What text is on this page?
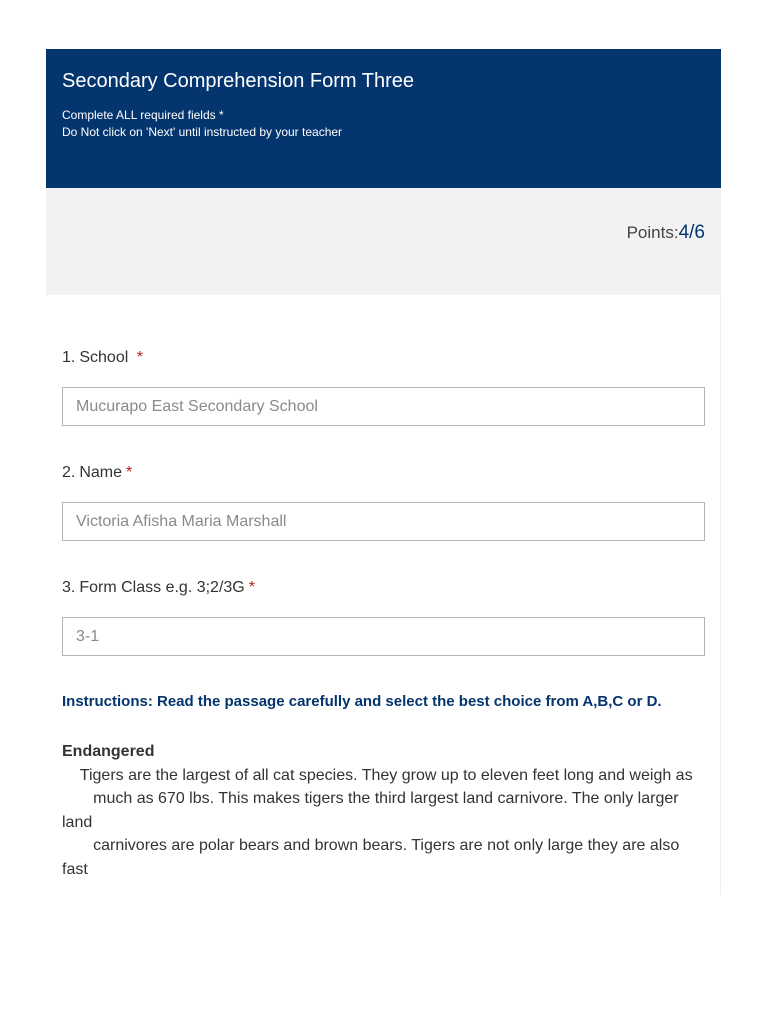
Secondary Comprehension Form Three
Complete ALL required fields *
Do Not click on 'Next' until instructed by your teacher
Points:4/6
1. School *
Mucurapo East Secondary School
2. Name *
Victoria Afisha Maria Marshall
3. Form Class e.g. 3;2/3G *
3-1
Instructions: Read the passage carefully and select the best choice from A,B,C or D.
Endangered
Tigers are the largest of all cat species. They grow up to eleven feet long and weigh as
much as 670 lbs. This makes tigers the third largest land carnivore. The only larger land
carnivores are polar bears and brown bears. Tigers are not only large they are also fast
